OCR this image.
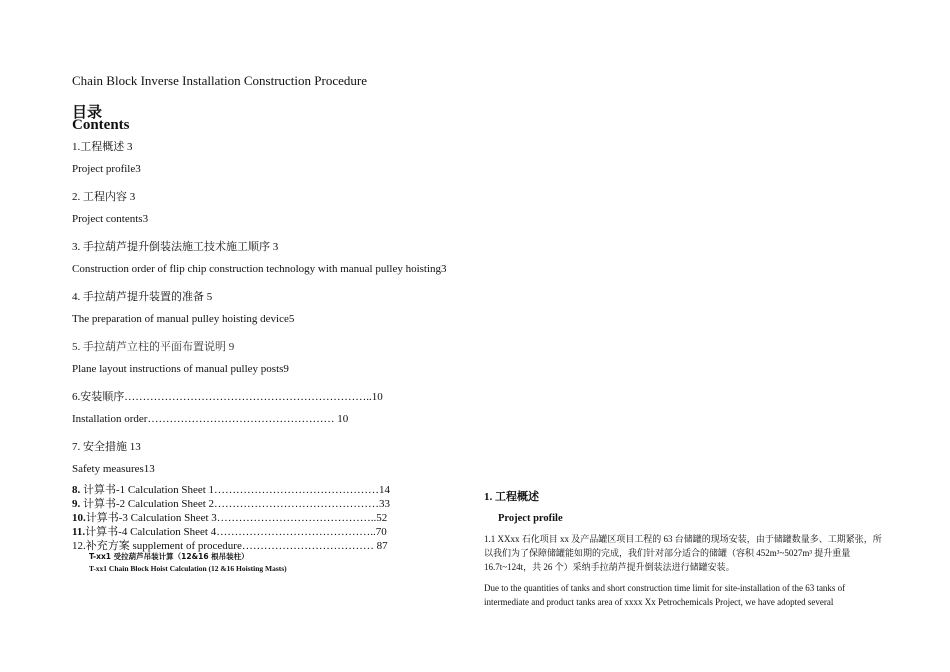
Chain Block Inverse Installation Construction Procedure
目录
Contents
1.工程概述 3
Project profile3
2. 工程内容 3
Project contents3
3. 手拉葫芦提升倒装法施工技术施工顺序 3
Construction order of flip chip construction technology with manual pulley hoisting3
4. 手拉葫芦提升装置的准备 5
The preparation of manual pulley hoisting device5
5. 手拉葫芦立柱的平面布置说明 9
Plane layout instructions of manual pulley posts9
6.安装顺序…………………………………………………………..10
Installation order…………………………………………… 10
7. 安全措施 13
Safety measures13
8. 计算书-1 Calculation Sheet 1………………………………………14
9. 计算书-2 Calculation Sheet 2………………………………………33
10.计算书-3 Calculation Sheet 3……………………………………..52
11.计算书-4 Calculation Sheet 4……………………………………..70
12.补充方案 supplement of procedure……………………………… 87
T-xx1 受拉葫芦吊装计算（12&16 根吊装柱）
T-xx1 Chain Block Hoist Calculation (12 &16 Hoisting Masts)
1. 工程概述
Project profile
1.1 XXxx 石化项目 xx 及产品罐区项目工程的 63 台储罐的现场安装，由于储罐数量多、工期紧张，所以我们为了保障储罐能如期的完成，我们针对部分适合的储罐（容积 452m³~5027m³ 提升重量 16.7t~124t，共 26 个）采纳手拉葫芦提升倒装法进行储罐安装。
Due to the quantities of tanks and short construction time limit for site-installation of the 63 tanks of intermediate and product tanks area of xxxx Xx Petrochemicals Project, we have adopted several
